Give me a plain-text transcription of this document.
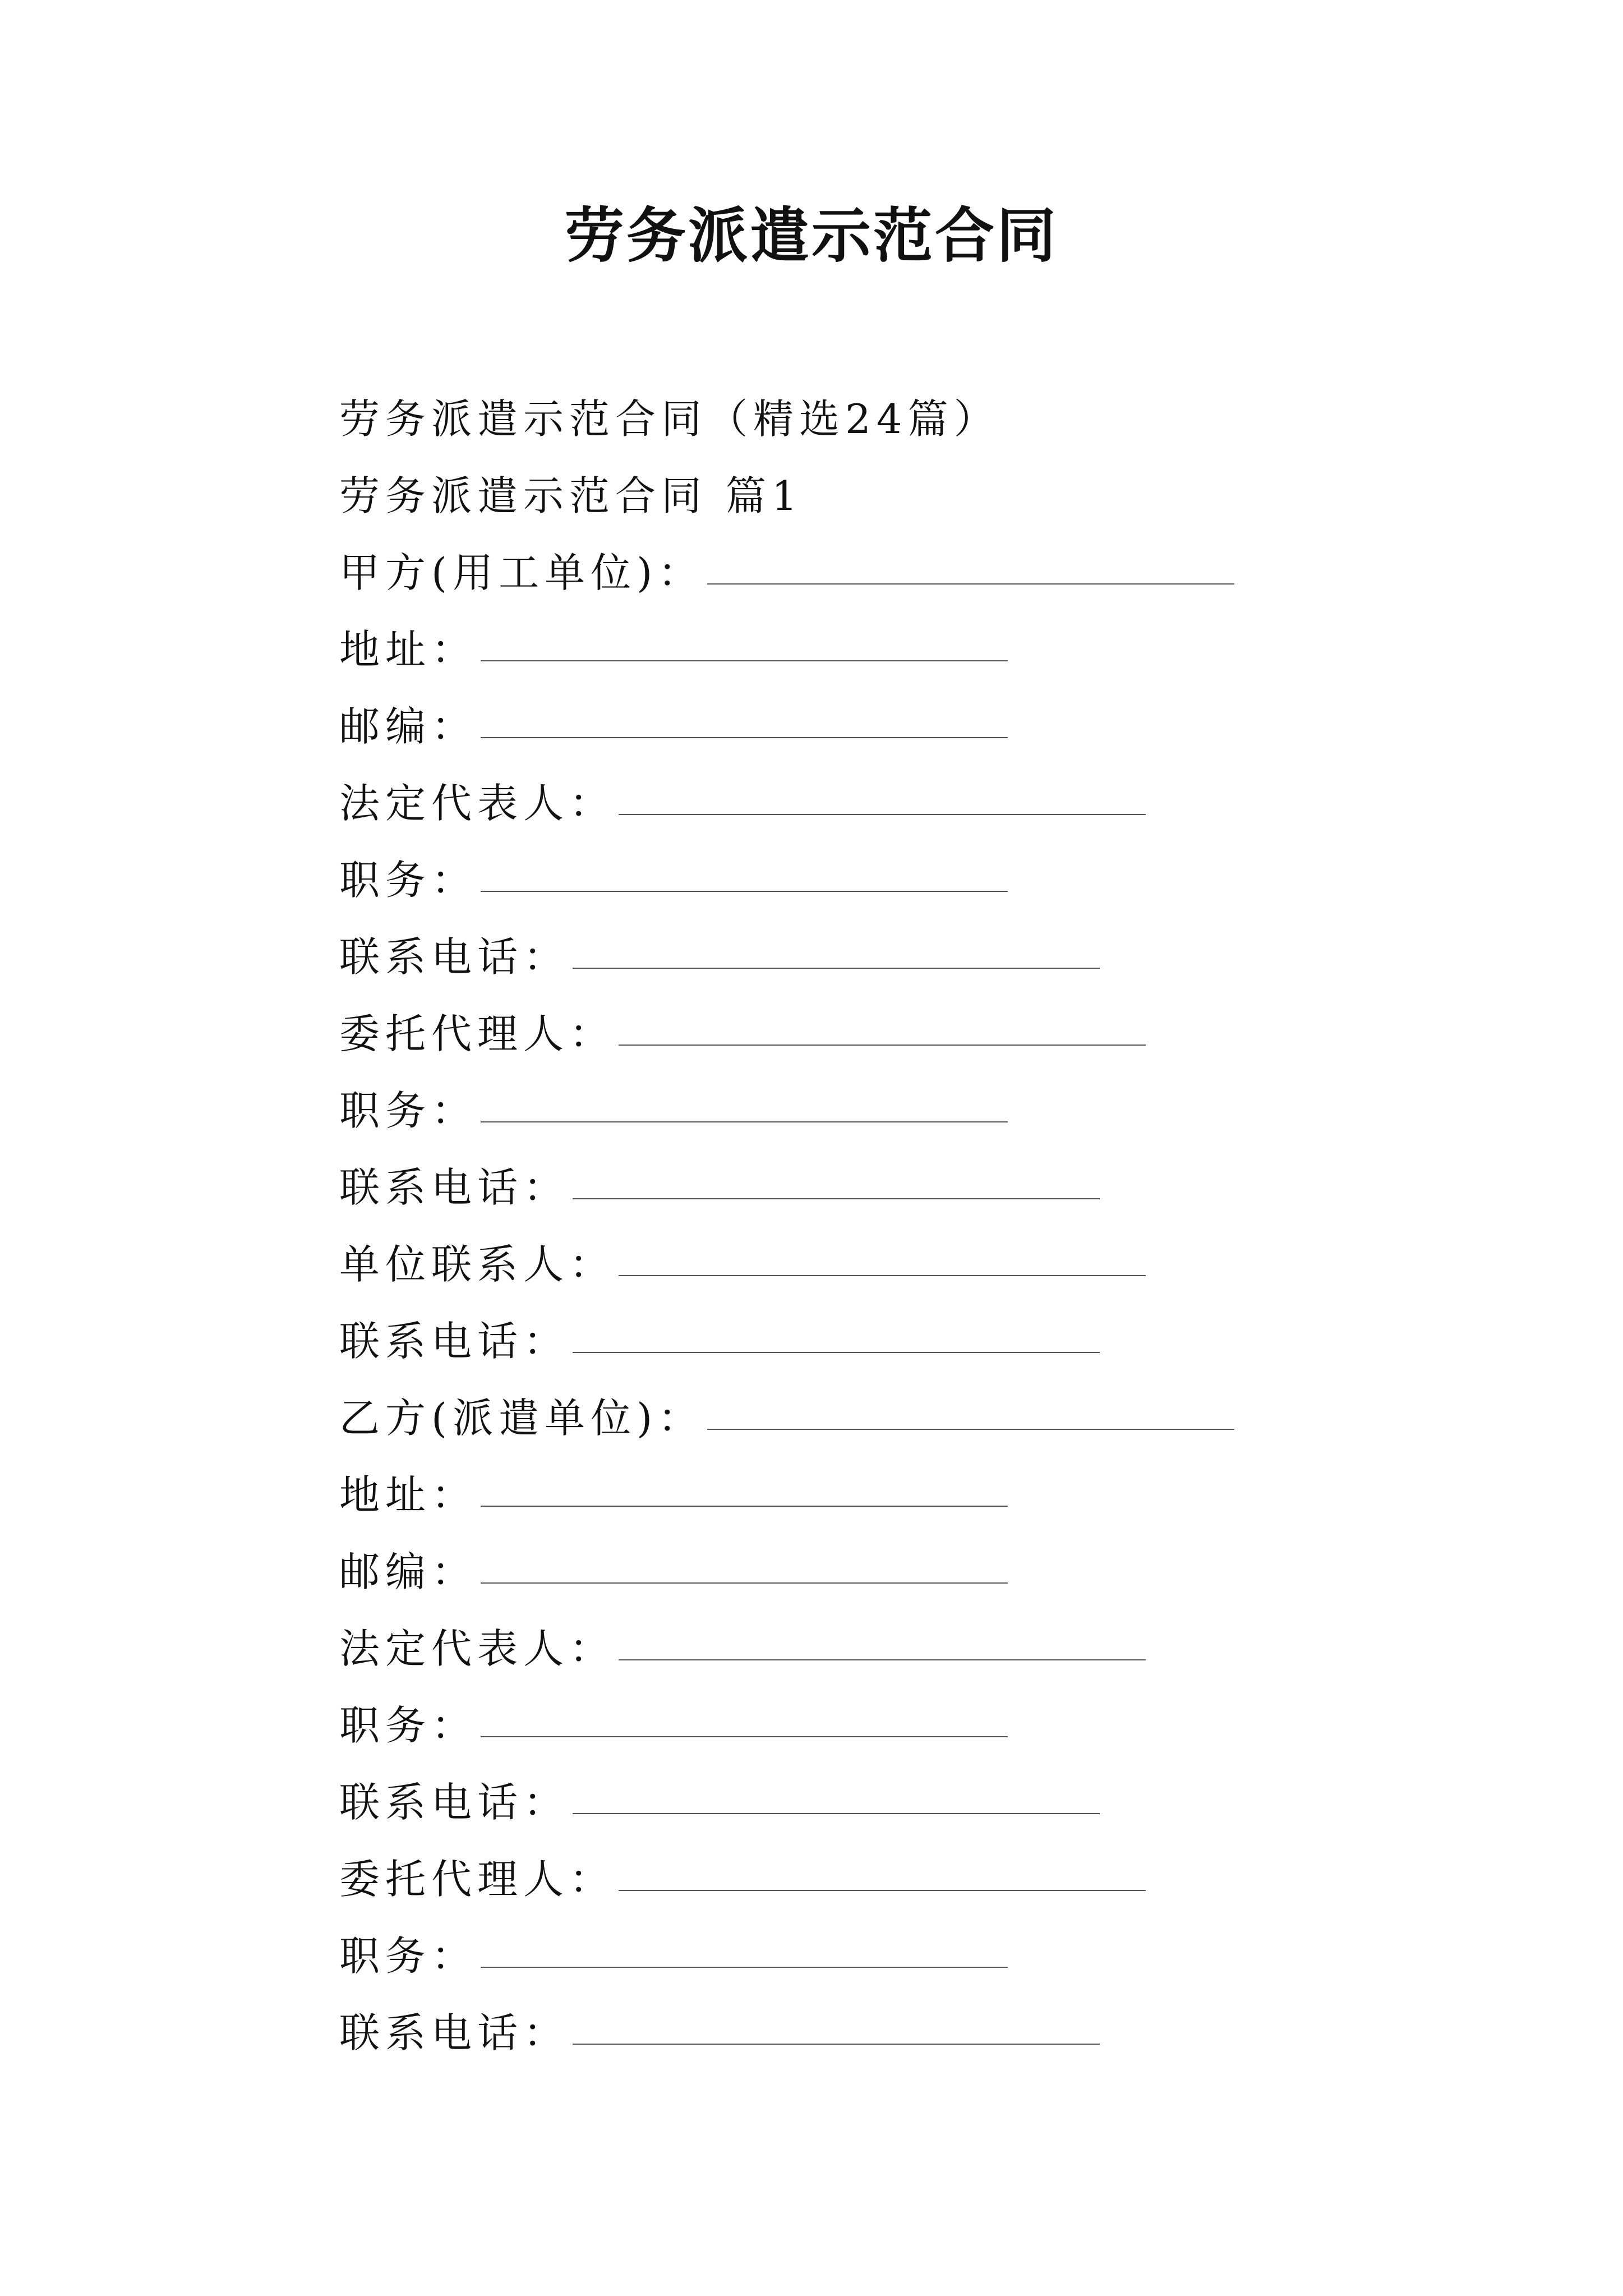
劳务派遣示范合同
劳务派遣示范合同（精选24篇）
劳务派遣示范合同 篇1
甲方(用工单位)：
地址：
邮编：
法定代表人：
职务：
联系电话：
委托代理人：
职务：
联系电话：
单位联系人：
联系电话：
乙方(派遣单位)：
地址：
邮编：
法定代表人：
职务：
联系电话：
委托代理人：
职务：
联系电话：
